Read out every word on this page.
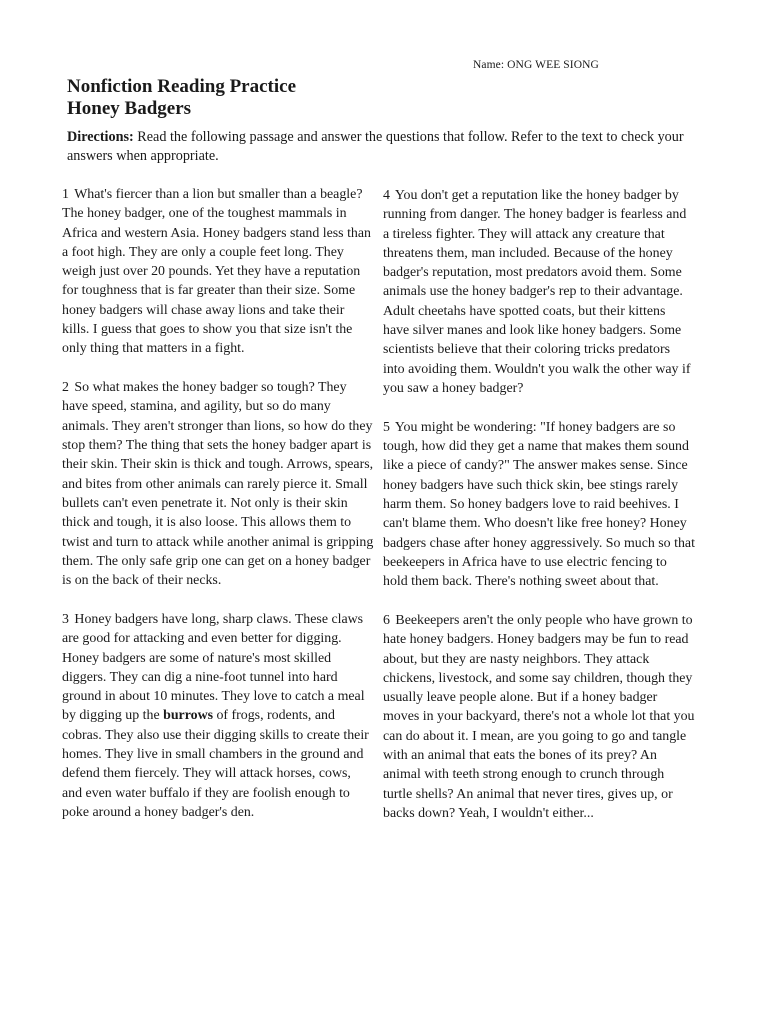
Name: ONG WEE SIONG
Nonfiction Reading Practice
Honey Badgers
Directions: Read the following passage and answer the questions that follow. Refer to the text to check your answers when appropriate.

1 What's fiercer than a lion but smaller than a beagle? The honey badger, one of the toughest mammals in Africa and western Asia. Honey badgers stand less than a foot high. They are only a couple feet long. They weigh just over 20 pounds. Yet they have a reputation for toughness that is far greater than their size. Some honey badgers will chase away lions and take their kills. I guess that goes to show you that size isn't the only thing that matters in a fight.

2 So what makes the honey badger so tough? They have speed, stamina, and agility, but so do many animals. They aren't stronger than lions, so how do they stop them? The thing that sets the honey badger apart is their skin. Their skin is thick and tough. Arrows, spears, and bites from other animals can rarely pierce it. Small bullets can't even penetrate it. Not only is their skin thick and tough, it is also loose. This allows them to twist and turn to attack while another animal is gripping them. The only safe grip one can get on a honey badger is on the back of their necks.

3 Honey badgers have long, sharp claws. These claws are good for attacking and even better for digging. Honey badgers are some of nature's most skilled diggers. They can dig a nine-foot tunnel into hard ground in about 10 minutes. They love to catch a meal by digging up the burrows of frogs, rodents, and cobras. They also use their digging skills to create their homes. They live in small chambers in the ground and defend them fiercely. They will attack horses, cows, and even water buffalo if they are foolish enough to poke around a honey badger's den.

4 You don't get a reputation like the honey badger by running from danger. The honey badger is fearless and a tireless fighter. They will attack any creature that threatens them, man included. Because of the honey badger's reputation, most predators avoid them. Some animals use the honey badger's rep to their advantage. Adult cheetahs have spotted coats, but their kittens have silver manes and look like honey badgers. Some scientists believe that their coloring tricks predators into avoiding them. Wouldn't you walk the other way if you saw a honey badger?

5 You might be wondering: "If honey badgers are so tough, how did they get a name that makes them sound like a piece of candy?" The answer makes sense. Since honey badgers have such thick skin, bee stings rarely harm them. So honey badgers love to raid beehives. I can't blame them. Who doesn't like free honey? Honey badgers chase after honey aggressively. So much so that beekeepers in Africa have to use electric fencing to hold them back. There's nothing sweet about that.

6 Beekeepers aren't the only people who have grown to hate honey badgers. Honey badgers may be fun to read about, but they are nasty neighbors. They attack chickens, livestock, and some say children, though they usually leave people alone. But if a honey badger moves in your backyard, there's not a whole lot that you can do about it. I mean, are you going to go and tangle with an animal that eats the bones of its prey? An animal with teeth strong enough to crunch through turtle shells? An animal that never tires, gives up, or backs down? Yeah, I wouldn't either...
